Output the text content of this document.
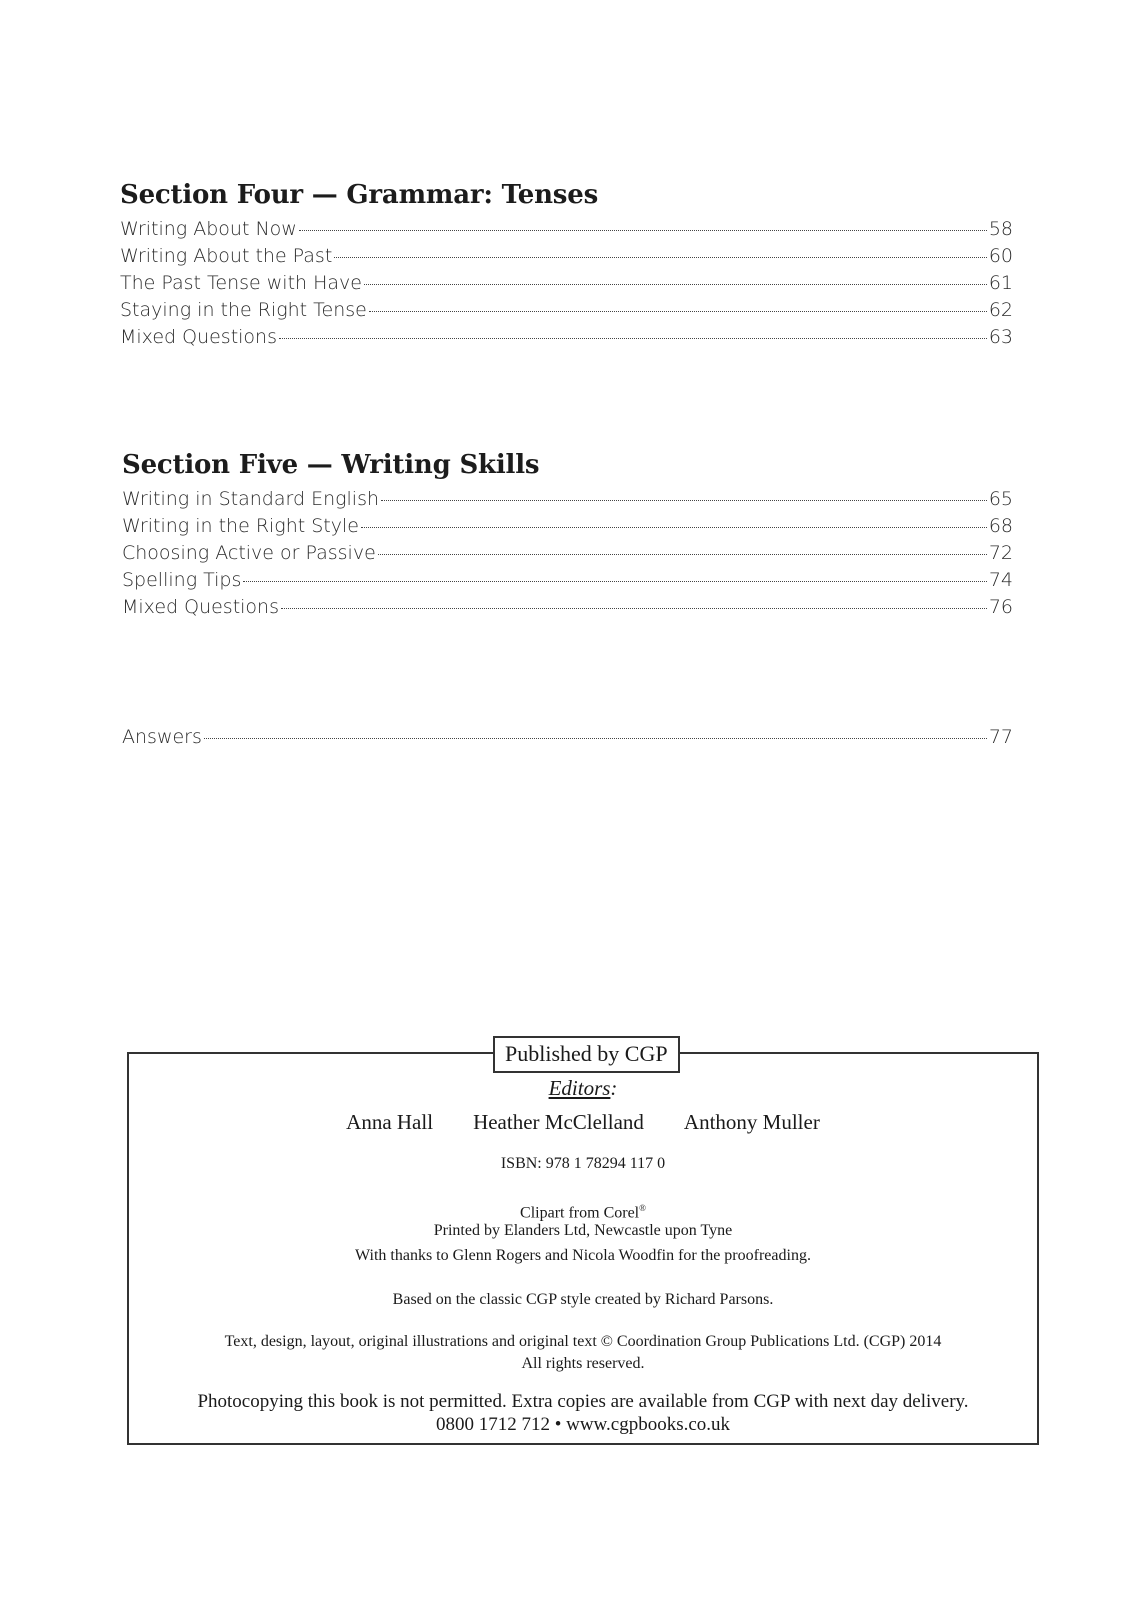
Section Four — Grammar: Tenses
Writing About Now	58
Writing About the Past	60
The Past Tense with Have	61
Staying in the Right Tense	62
Mixed Questions	63
Section Five — Writing Skills
Writing in Standard English	65
Writing in the Right Style	68
Choosing Active or Passive	72
Spelling Tips	74
Mixed Questions	76
Answers	77
Published by CGP
Editors:
Anna Hall Heather McClelland Anthony Muller
ISBN: 978 1 78294 117 0
Clipart from Corel®
Printed by Elanders Ltd, Newcastle upon Tyne
With thanks to Glenn Rogers and Nicola Woodfin for the proofreading.
Based on the classic CGP style created by Richard Parsons.
Text, design, layout, original illustrations and original text © Coordination Group Publications Ltd. (CGP) 2014
All rights reserved.
Photocopying this book is not permitted. Extra copies are available from CGP with next day delivery.
0800 1712 712 • www.cgpbooks.co.uk
